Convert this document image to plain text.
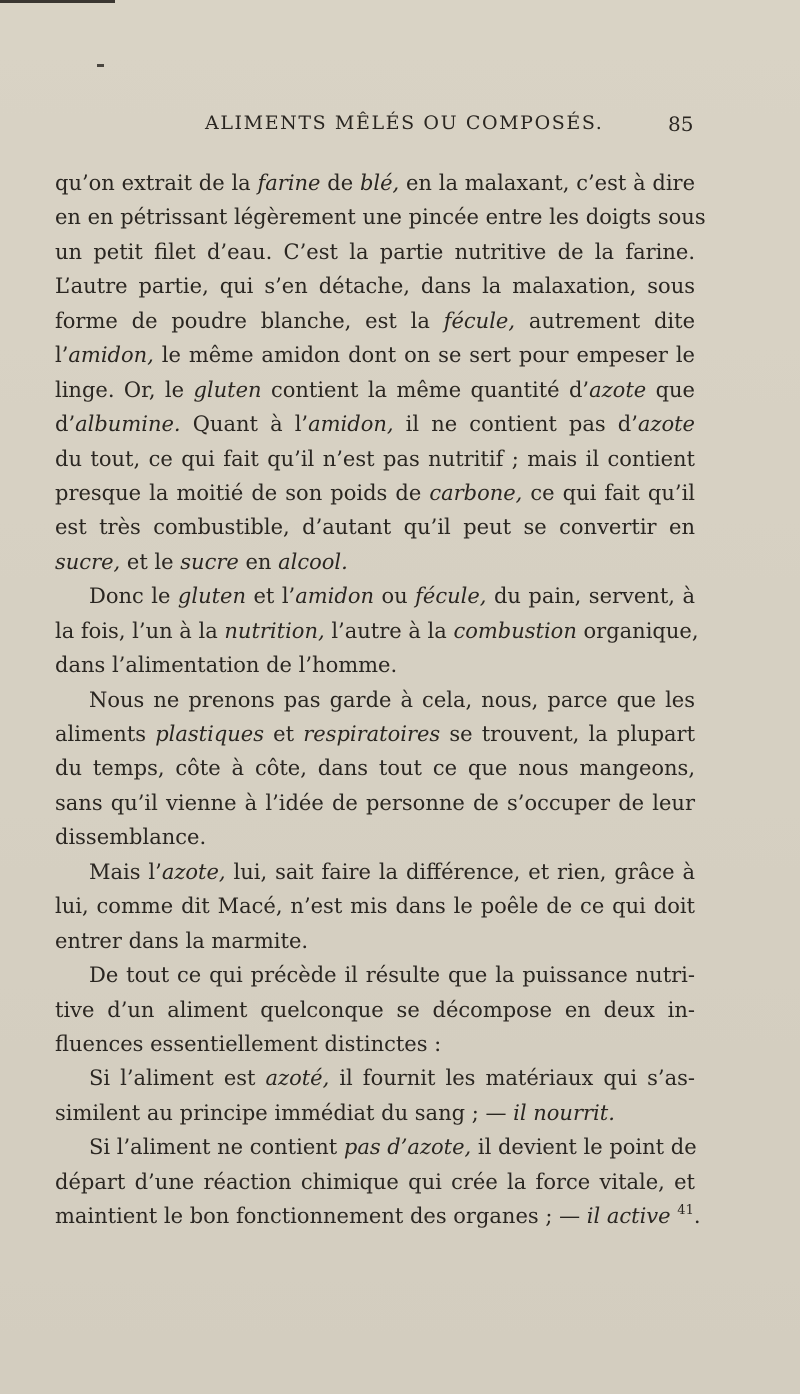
ALIMENTS MÊLÉS OU COMPOSÉS.	85
qu’on extrait de la farine de blé, en la malaxant, c’est à dire
en en pétrissant légèrement une pincée entre les doigts sous
un petit filet d’eau. C’est la partie nutritive de la farine.
L’autre partie, qui s’en détache, dans la malaxation, sous
forme de poudre blanche, est la fécule, autrement dite
l’amidon, le même amidon dont on se sert pour empeser le
linge. Or, le gluten contient la même quantité d’azote que
d’albumine. Quant à l’amidon, il ne contient pas d’azote
du tout, ce qui fait qu’il n’est pas nutritif ; mais il contient
presque la moitié de son poids de carbone, ce qui fait qu’il
est très combustible, d’autant qu’il peut se convertir en
sucre, et le sucre en alcool.
Donc le gluten et l’amidon ou fécule, du pain, servent, à
la fois, l’un à la nutrition, l’autre à la combustion organique,
dans l’alimentation de l’homme.
Nous ne prenons pas garde à cela, nous, parce que les
aliments plastiques et respiratoires se trouvent, la plupart
du temps, côte à côte, dans tout ce que nous mangeons,
sans qu’il vienne à l’idée de personne de s’occuper de leur
dissemblance.
Mais l’azote, lui, sait faire la différence, et rien, grâce à
lui, comme dit Macé, n’est mis dans le poêle de ce qui doit
entrer dans la marmite.
De tout ce qui précède il résulte que la puissance nutri-
tive d’un aliment quelconque se décompose en deux in-
fluences essentiellement distinctes :
Si l’aliment est azoté, il fournit les matériaux qui s’as-
similent au principe immédiat du sang ; — il nourrit.
Si l’aliment ne contient pas d’azote, il devient le point de
départ d’une réaction chimique qui crée la force vitale, et
maintient le bon fonctionnement des organes ; — il active $^{41}$.
